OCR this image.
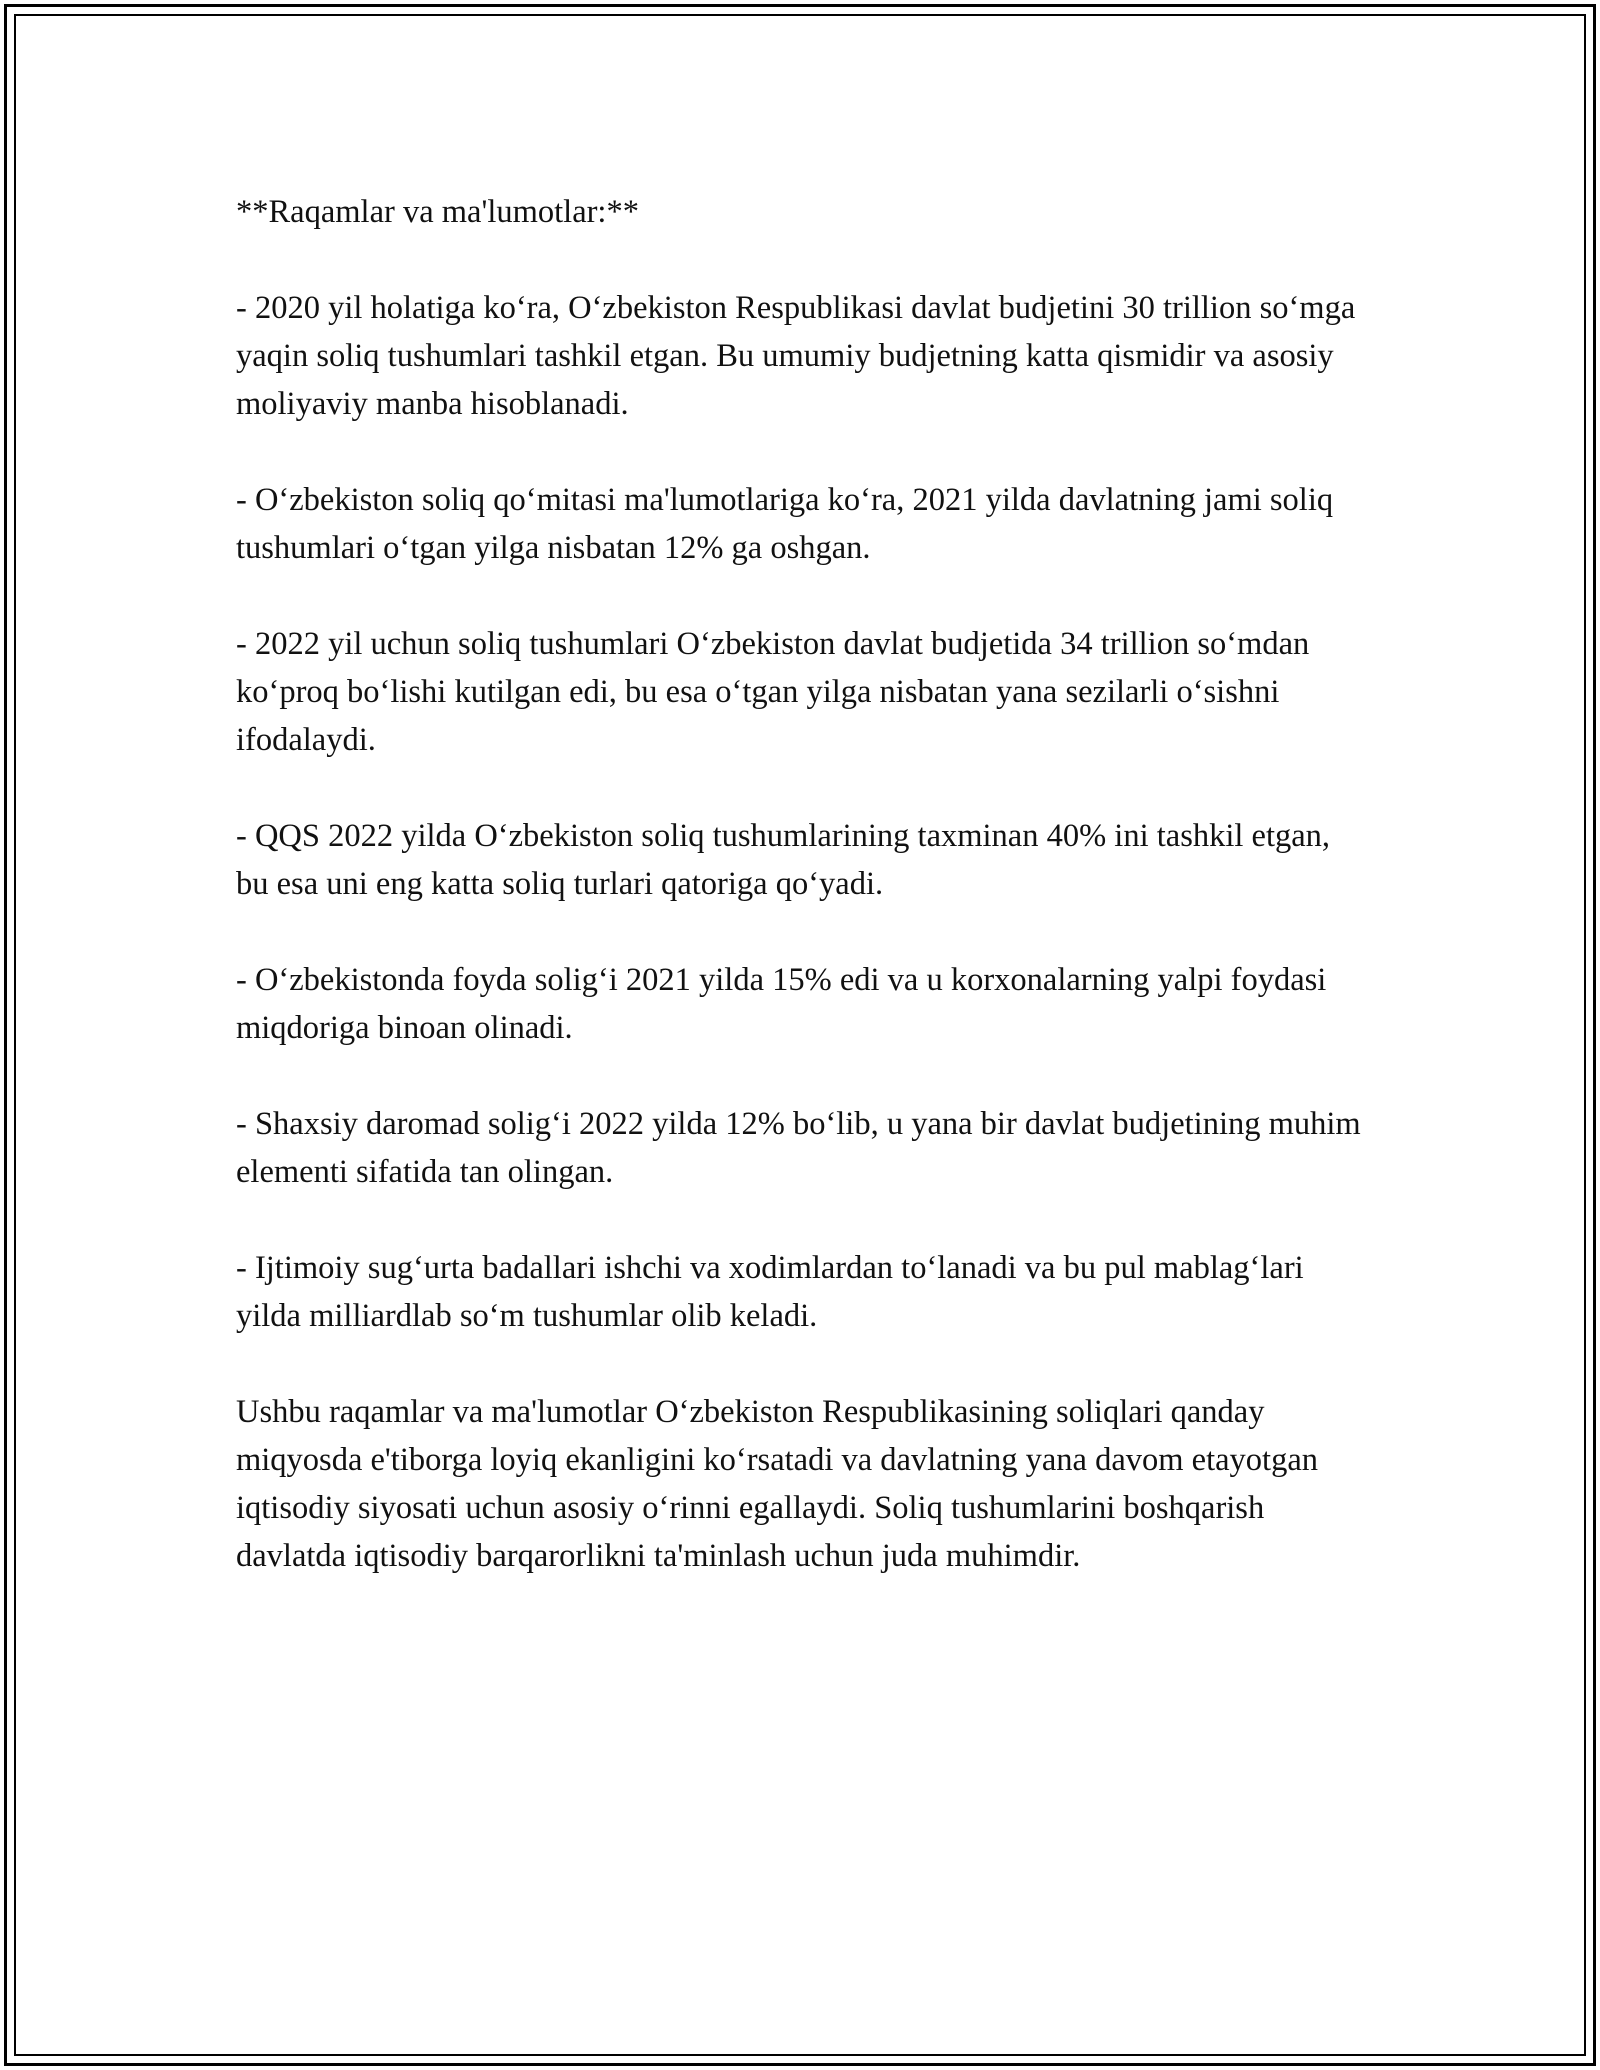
**Raqamlar va ma'lumotlar:**

- 2020 yil holatiga ko‘ra, O‘zbekiston Respublikasi davlat budjetini 30 trillion so‘mga yaqin soliq tushumlari tashkil etgan. Bu umumiy budjetning katta qismidir va asosiy moliyaviy manba hisoblanadi.

- O‘zbekiston soliq qo‘mitasi ma'lumotlariga ko‘ra, 2021 yilda davlatning jami soliq tushumlari o‘tgan yilga nisbatan 12% ga oshgan.

- 2022 yil uchun soliq tushumlari O‘zbekiston davlat budjetida 34 trillion so‘mdan ko‘proq bo‘lishi kutilgan edi, bu esa o‘tgan yilga nisbatan yana sezilarli o‘sishni ifodalaydi.

- QQS 2022 yilda O‘zbekiston soliq tushumlarining taxminan 40% ini tashkil etgan, bu esa uni eng katta soliq turlari qatoriga qo‘yadi.

- O‘zbekistonda foyda solig‘i 2021 yilda 15% edi va u korxonalarning yalpi foydasi miqdoriga binoan olinadi.

- Shaxsiy daromad solig‘i 2022 yilda 12% bo‘lib, u yana bir davlat budjetining muhim elementi sifatida tan olingan.

- Ijtimoiy sug‘urta badallari ishchi va xodimlardan to‘lanadi va bu pul mablag‘lari yilda milliardlab so‘m tushumlar olib keladi.

Ushbu raqamlar va ma'lumotlar O‘zbekiston Respublikasining soliqlari qanday miqyosda e'tiborga loyiq ekanligini ko‘rsatadi va davlatning yana davom etayotgan iqtisodiy siyosati uchun asosiy o‘rinni egallaydi. Soliq tushumlarini boshqarish davlatda iqtisodiy barqarorlikni ta'minlash uchun juda muhimdir.
